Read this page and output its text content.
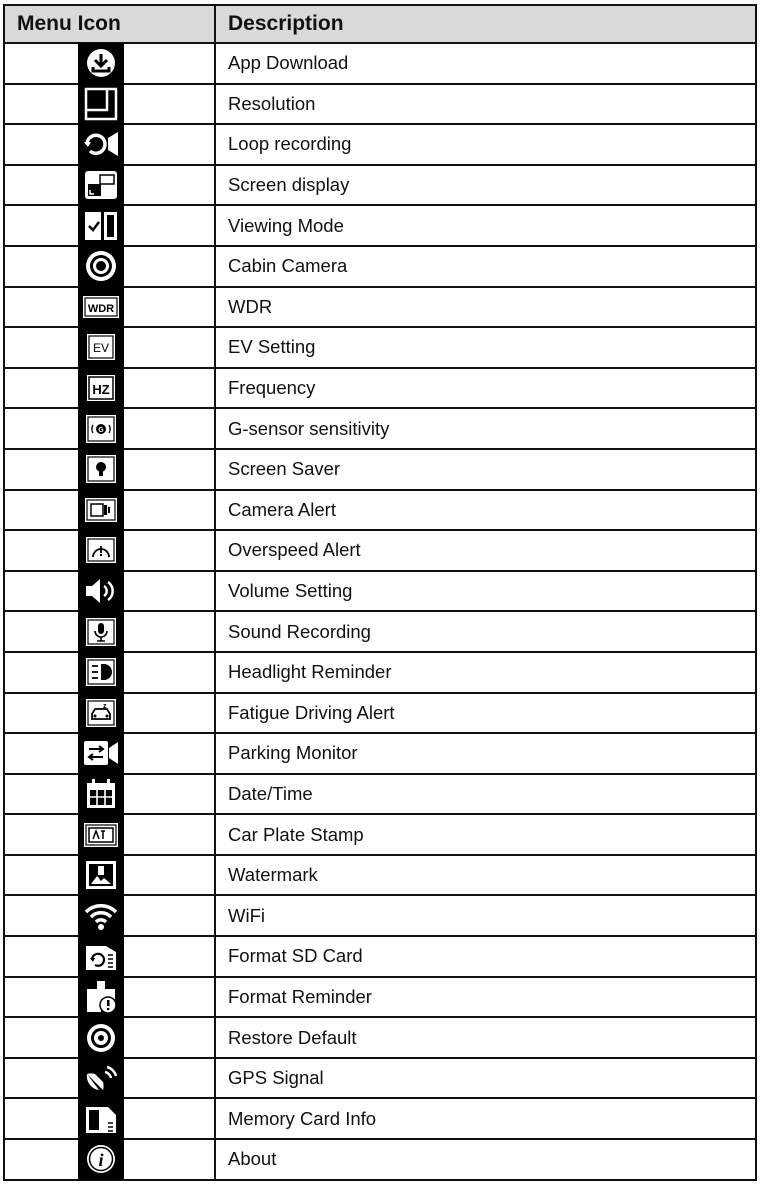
Menu Icon	Description

	App Download

	Resolution

	Loop recording

	Screen display

	Viewing Mode

	Cabin Camera

WDR	WDR

EV	EV Setting

HZ	Frequency

G	G-sensor sensitivity

	Screen Saver

	Camera Alert

	Overspeed Alert

	Volume Setting

	Sound Recording

	Headlight Reminder

z	Fatigue Driving Alert

	Parking Monitor

	Date/Time

	Car Plate Stamp

	Watermark

	WiFi

	Format SD Card

	Format Reminder

	Restore Default

	GPS Signal

	Memory Card Info

i	About
